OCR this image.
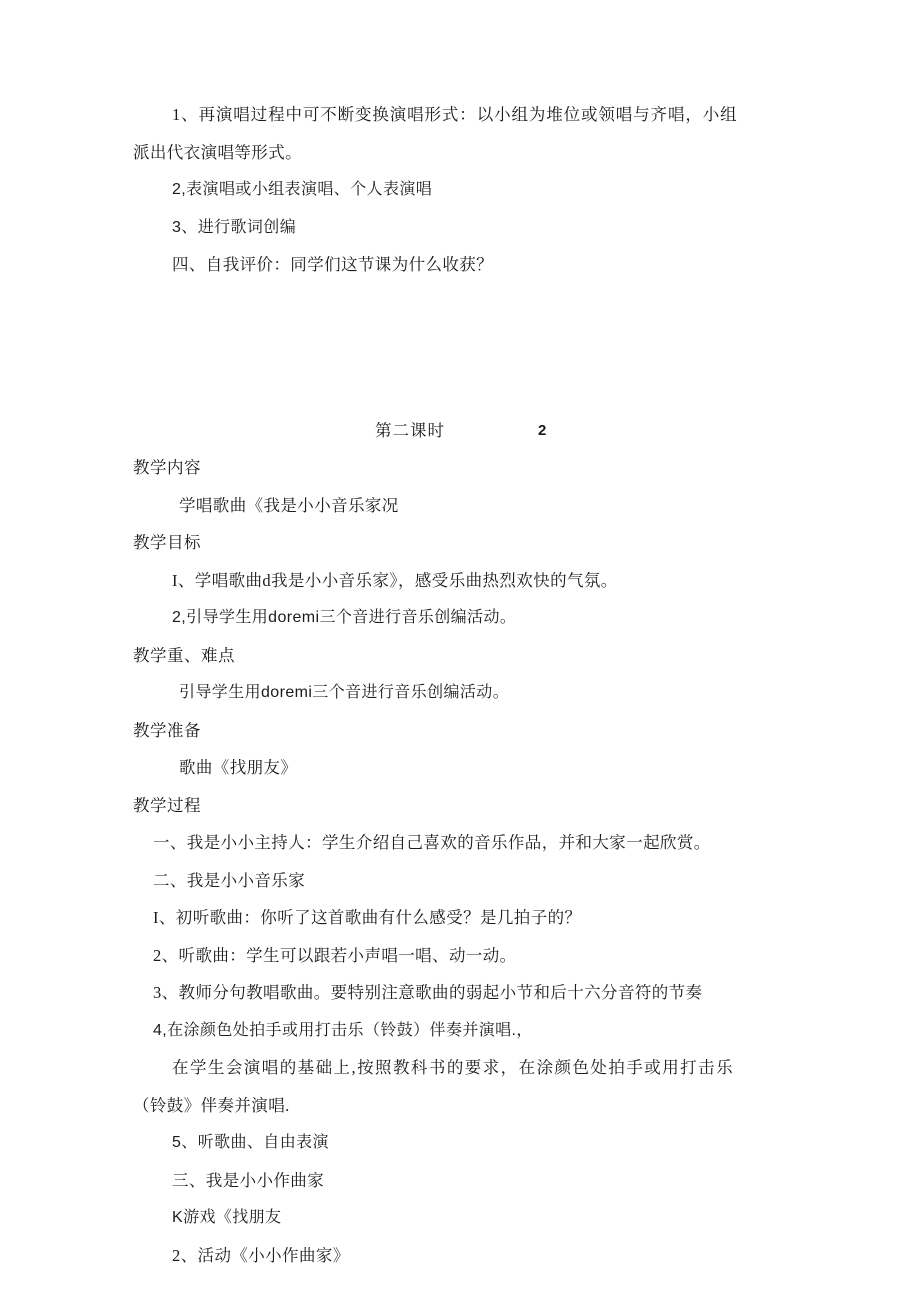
1、再演唱过程中可不断变换演唱形式：以小组为堆位或领唱与齐唱，小组派出代衣演唱等形式。
2,表演唱或小组表演唱、个人表演唱
3、进行歌词创编
四、自我评价：同学们这节课为什么收获？
第二课时	2
教学内容
学唱歌曲《我是小小音乐家况
教学目标
I、学唱歌曲d我是小小音乐家》，感受乐曲热烈欢快的气氛。
2,引导学生用doremi三个音进行音乐创编活动。
教学重、难点
引导学生用doremi三个音进行音乐创编活动。
教学准备
歌曲《找朋友》
教学过程
一、我是小小主持人：学生介绍自己喜欢的音乐作品，并和大家一起欣赏。
二、我是小小音乐家
I、初听歌曲：你听了这首歌曲有什么感受？是几拍子的？
2、听歌曲：学生可以跟若小声唱一唱、动一动。
3、教师分句教唱歌曲。要特别注意歌曲的弱起小节和后十六分音符的节奏
4,在涂颜色处拍手或用打击乐（铃鼓）伴奏并演唱.，
在学生会演唱的基础上,按照教科书的要求，在涂颜色处拍手或用打击乐（铃鼓》伴奏并演唱.
5、听歌曲、自由表演
三、我是小小作曲家
K游戏《找朋友
2、活动《小小作曲家》
